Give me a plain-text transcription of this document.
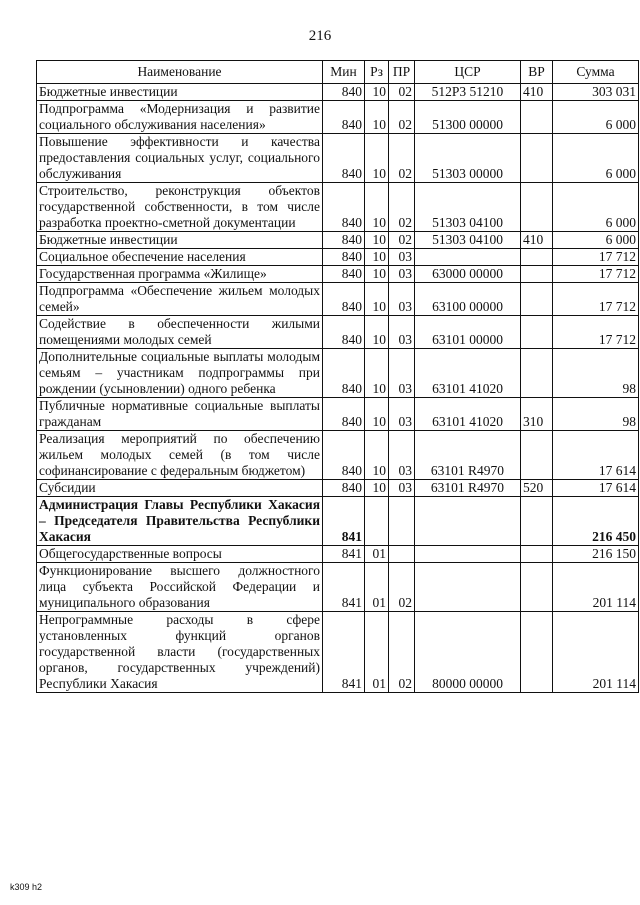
216
Наименование	Мин	Рз	ПР	ЦСР	ВР	Сумма
Бюджетные инвестиции	840	10	02	512Р3 51210	410	303 031
Подпрограмма «Модернизация и развитие социального обслуживания населения»	840	10	02	51300 00000		6 000
Повышение эффективности и качества предоставления социальных услуг, социального обслуживания	840	10	02	51303 00000		6 000
Строительство, реконструкция объектов государственной собственности, в том числе разработка проектно-сметной документации	840	10	02	51303 04100		6 000
Бюджетные инвестиции	840	10	02	51303 04100	410	6 000
Социальное обеспечение населения	840	10	03			17 712
Государственная программа «Жилище»	840	10	03	63000 00000		17 712
Подпрограмма «Обеспечение жильем молодых семей»	840	10	03	63100 00000		17 712
Содействие в обеспеченности жилыми помещениями молодых семей	840	10	03	63101 00000		17 712
Дополнительные социальные выплаты молодым семьям – участникам подпрограммы при рождении (усыновлении) одного ребенка	840	10	03	63101 41020		98
Публичные нормативные социальные выплаты гражданам	840	10	03	63101 41020	310	98
Реализация мероприятий по обеспечению жильем молодых семей (в том числе софинансирование с федеральным бюджетом)	840	10	03	63101 R4970		17 614
Субсидии	840	10	03	63101 R4970	520	17 614
Администрация Главы Республики Хакасия – Председателя Правительства Республики Хакасия	841					216 450
Общегосударственные вопросы	841	01				216 150
Функционирование высшего должностного лица субъекта Российской Федерации и муниципального образования	841	01	02			201 114
Непрограммные расходы в сфере установленных функций органов государственной власти (государственных органов, государственных учреждений) Республики Хакасия	841	01	02	80000 00000		201 114
k309 h2
